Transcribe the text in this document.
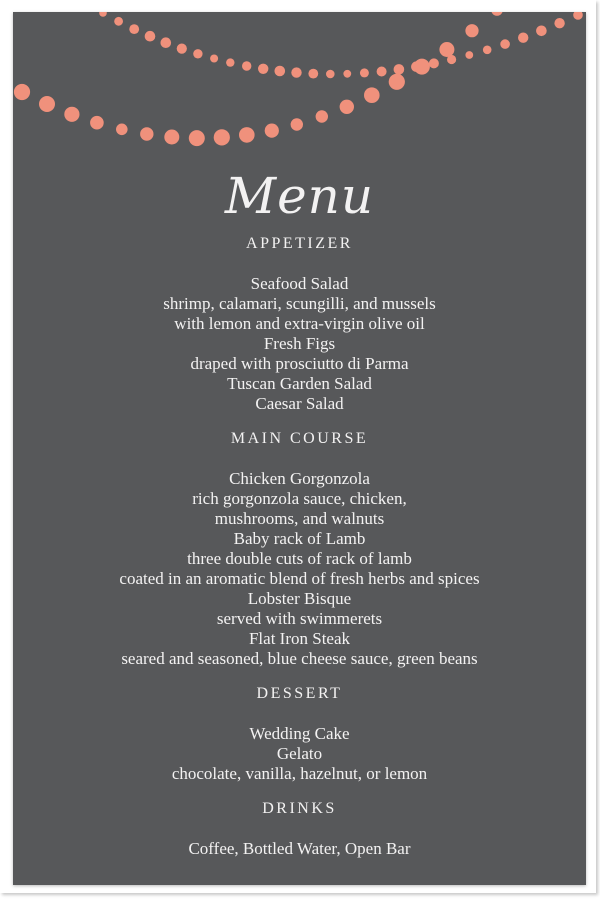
Menu
APPETIZER
Seafood Salad
shrimp, calamari, scungilli, and mussels
with lemon and extra-virgin olive oil
Fresh Figs
draped with prosciutto di Parma
Tuscan Garden Salad
Caesar Salad
MAIN COURSE
Chicken Gorgonzola
rich gorgonzola sauce, chicken,
mushrooms, and walnuts
Baby rack of Lamb
three double cuts of rack of lamb
coated in an aromatic blend of fresh herbs and spices
Lobster Bisque
served with swimmerets
Flat Iron Steak
seared and seasoned, blue cheese sauce, green beans
DESSERT
Wedding Cake
Gelato
chocolate, vanilla, hazelnut, or lemon
DRINKS
Coffee, Bottled Water, Open Bar
